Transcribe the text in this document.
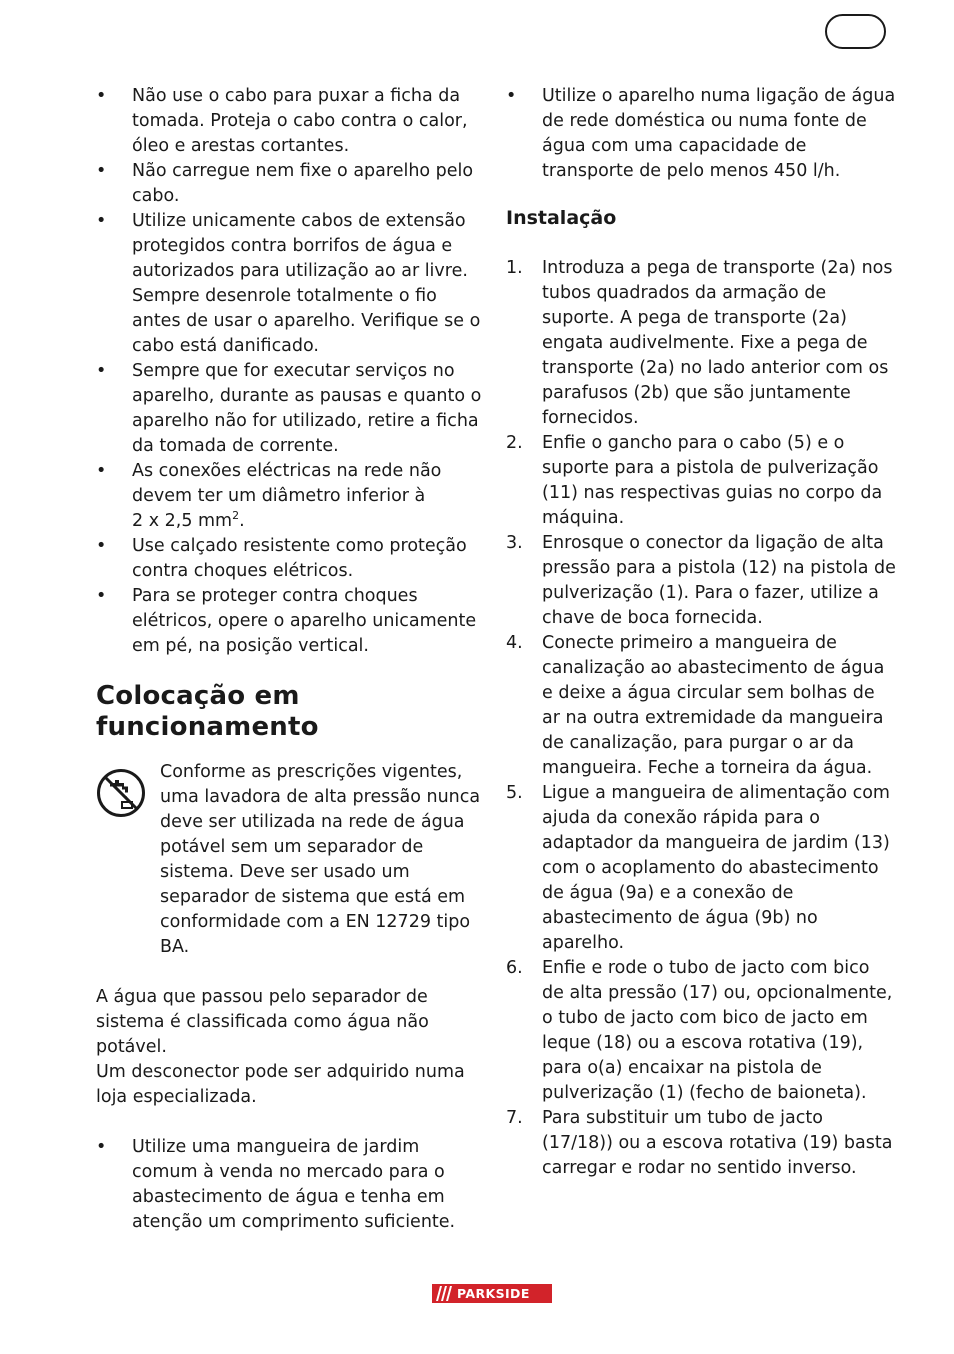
• Não use o cabo para puxar a ficha da tomada. Proteja o cabo contra o calor, óleo e arestas cortantes.
• Não carregue nem fixe o aparelho pelo cabo.
• Utilize unicamente cabos de extensão protegidos contra borrifos de água e autorizados para utilização ao ar livre. Sempre desenrole totalmente o fio antes de usar o aparelho. Verifique se o cabo está danificado.
• Sempre que for executar serviços no aparelho, durante as pausas e quanto o aparelho não for utilizado, retire a ficha da tomada de corrente.
• As conexões eléctricas na rede não devem ter um diâmetro inferior à
2 x 2,5 $mm^2$.
• Use calçado resistente como proteção contra choques elétricos.
• Para se proteger contra choques elétricos, opere o aparelho unicamente em pé, na posição vertical.
Colocação em
funcionamento

Conforme as prescrições vigentes, uma lavadora de alta pressão nunca deve ser utilizada na rede de água potável sem um separador de sistema. Deve ser usado um separador de sistema que está em conformidade com a EN 12729 tipo BA.

A água que passou pelo separador de sistema é classificada como água não potável.

Um desconector pode ser adquirido numa loja especializada.

• Utilize uma mangueira de jardim comum à venda no mercado para o abastecimento de água e tenha em atenção um comprimento suficiente.
• Utilize o aparelho numa ligação de água de rede doméstica ou numa fonte de água com uma capacidade de transporte de pelo menos 450 l/h.
Instalação
1. Introduza a pega de transporte (2a) nos tubos quadrados da armação de suporte. A pega de transporte (2a) engata audivelmente. Fixe a pega de transporte (2a) no lado anterior com os parafusos (2b) que são juntamente fornecidos.
2. Enfie o gancho para o cabo (5) e o suporte para a pistola de pulverização (11) nas respectivas guias no corpo da máquina.
3. Enrosque o conector da ligação de alta pressão para a pistola (12) na pistola de pulverização (1). Para o fazer, utilize a chave de boca fornecida.
4. Conecte primeiro a mangueira de canalização ao abastecimento de água e deixe a água circular sem bolhas de ar na outra extremidade da mangueira de canalização, para purgar o ar da mangueira. Feche a torneira da água.
5. Ligue a mangueira de alimentação com ajuda da conexão rápida para o adaptador da mangueira de jardim (13) com o acoplamento do abastecimento de água (9a) e a conexão de abastecimento de água (9b) no aparelho.
6. Enfie e rode o tubo de jacto com bico de alta pressão (17) ou, opcionalmente, o tubo de jacto com bico de jacto em leque (18) ou a escova rotativa (19), para o(a) encaixar na pistola de pulverização (1) (fecho de baioneta).
7. Para substituir um tubo de jacto (17/18)) ou a escova rotativa (19) basta carregar e rodar no sentido inverso.
PARKSIDE
